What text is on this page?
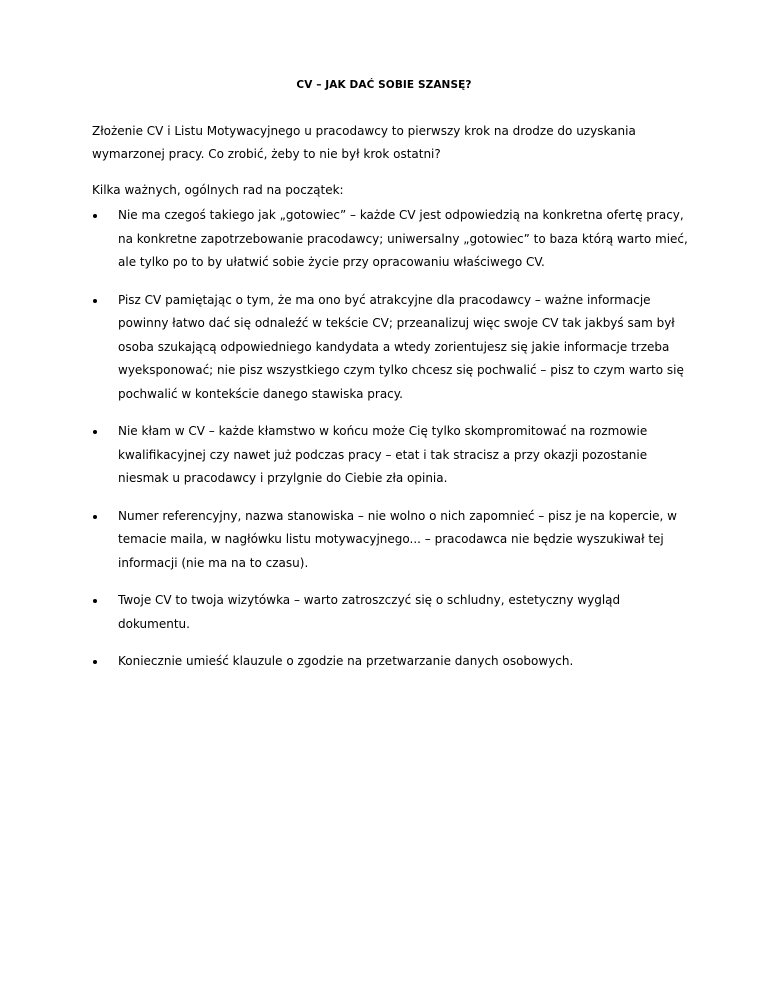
CV – JAK DAĆ SOBIE SZANSĘ?

Złożenie CV i Listu Motywacyjnego u pracodawcy to pierwszy krok na drodze do uzyskania wymarzonej pracy. Co zrobić, żeby to nie był krok ostatni?

Kilka ważnych, ogólnych rad na początek:

Nie ma czegoś takiego jak „gotowiec” – każde CV jest odpowiedzią na konkretna ofertę pracy, na konkretne zapotrzebowanie pracodawcy; uniwersalny „gotowiec” to baza którą warto mieć, ale tylko po to by ułatwić sobie życie przy opracowaniu właściwego CV.
Pisz CV pamiętając o tym, że ma ono być atrakcyjne dla pracodawcy – ważne informacje powinny łatwo dać się odnaleźć w tekście CV; przeanalizuj więc swoje CV tak jakbyś sam był osoba szukającą odpowiedniego kandydata a wtedy zorientujesz się jakie informacje trzeba wyeksponować; nie pisz wszystkiego czym tylko chcesz się pochwalić – pisz to czym warto się pochwalić w kontekście danego stawiska pracy.
Nie kłam w CV – każde kłamstwo w końcu może Cię tylko skompromitować na rozmowie kwalifikacyjnej czy nawet już podczas pracy – etat i tak stracisz a przy okazji pozostanie niesmak u pracodawcy i przylgnie do Ciebie zła opinia.
Numer referencyjny, nazwa stanowiska – nie wolno o nich zapomnieć – pisz je na kopercie, w temacie maila, w nagłówku listu motywacyjnego... – pracodawca nie będzie wyszukiwał tej informacji (nie ma na to czasu).
Twoje CV to twoja wizytówka – warto zatroszczyć się o schludny, estetyczny wygląd dokumentu.
Koniecznie umieść klauzule o zgodzie na przetwarzanie danych osobowych.
